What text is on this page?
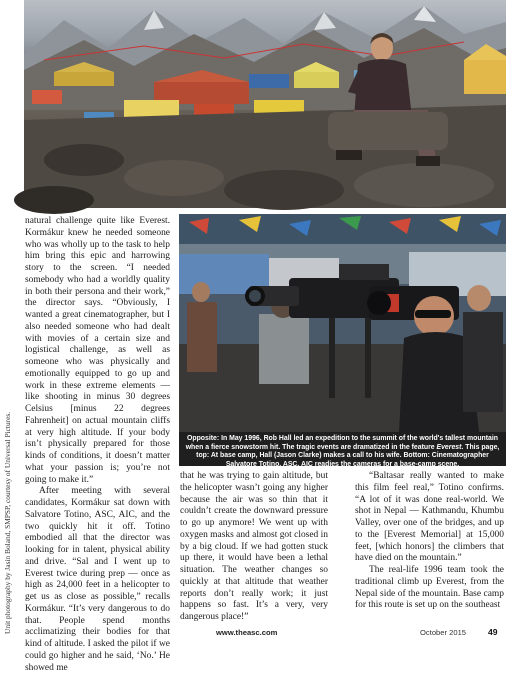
Opposite: In May 1996, Rob Hall led an expedition to the summit of the world's tallest mountain when a fierce snowstorm hit. The tragic events are dramatized in the feature Everest. This page, top: At base camp, Hall (Jason Clarke) makes a call to his wife. Bottom: Cinematographer Salvatore Totino, ASC, AIC readies the cameras for a base-camp scene.
Unit photography by Jasin Boland, SMPSP, courtesy of Universal Pictures.

natural challenge quite like Everest. Kormákur knew he needed someone who was wholly up to the task to help him bring this epic and harrowing story to the screen. “I needed somebody who had a worldly quality in both their persona and their work,” the director says. “Obviously, I wanted a great cinematographer, but I also needed someone who had dealt with movies of a certain size and logistical challenge, as well as someone who was physically and emotionally equipped to go up and work in these extreme elements — like shooting in minus 30 degrees Celsius [minus 22 degrees Fahrenheit] on actual mountain cliffs at very high altitude. If your body isn’t physically prepared for those kinds of conditions, it doesn’t matter what your passion is; you’re not going to make it.”

After meeting with several candidates, Kormákur sat down with Salvatore Totino, ASC, AIC, and the two quickly hit it off. Totino embodied all that the director was looking for in talent, physical ability and drive. “Sal and I went up to Everest twice during prep — once as high as 24,000 feet in a helicopter to get us as close as possible,” recalls Kormákur. “It’s very dangerous to do that. People spend months acclimatizing their bodies for that kind of altitude. I asked the pilot if we could go higher and he said, ‘No.’ He showed me

that he was trying to gain altitude, but the helicopter wasn’t going any higher because the air was so thin that it couldn’t create the downward pressure to go up anymore! We went up with oxygen masks and almost got closed in by a big cloud. If we had gotten stuck up there, it would have been a lethal situation. The weather changes so quickly at that altitude that weather reports don’t really work; it just happens so fast. It’s a very, very dangerous place!”

“Baltasar really wanted to make this film feel real,” Totino confirms. “A lot of it was done real-world. We shot in Nepal — Kathmandu, Khumbu Valley, over one of the bridges, and up to the [Everest Memorial] at 15,000 feet, [which honors] the climbers that have died on the mountain.”

The real-life 1996 team took the traditional climb up Everest, from the Nepal side of the mountain. Base camp for this route is set up on the southeast

www.theasc.com	October 2015	49
